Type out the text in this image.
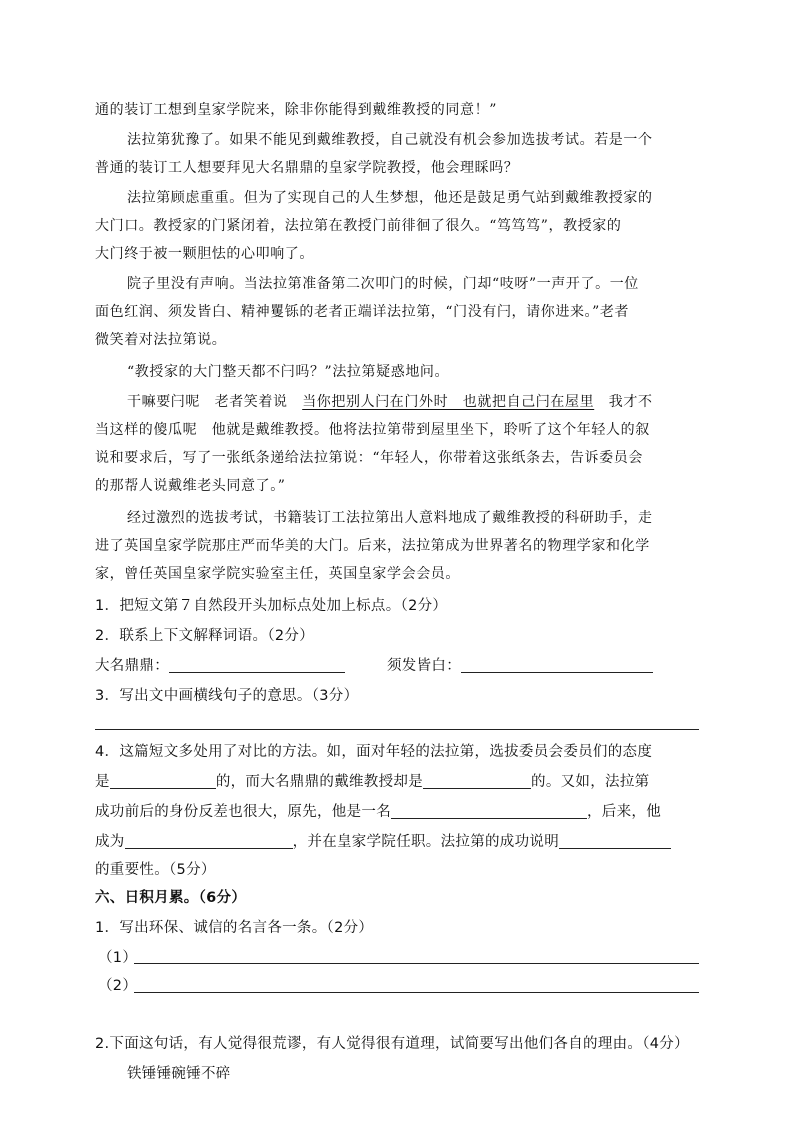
通的装订工想到皇家学院来，除非你能得到戴维教授的同意！”
法拉第犹豫了。如果不能见到戴维教授，自己就没有机会参加选拔考试。若是一个
普通的装订工人想要拜见大名鼎鼎的皇家学院教授，他会理睬吗？
法拉第顾虑重重。但为了实现自己的人生梦想，他还是鼓足勇气站到戴维教授家的
大门口。教授家的门紧闭着，法拉第在教授门前徘徊了很久。“笃笃笃”，教授家的
大门终于被一颗胆怯的心叩响了。
院子里没有声响。当法拉第准备第二次叩门的时候，门却“吱呀”一声开了。一位
面色红润、须发皆白、精神矍铄的老者正端详法拉第，“门没有闩，请你进来。”老者
微笑着对法拉第说。
“教授家的大门整天都不闩吗？”法拉第疑惑地问。
干嘛要闩呢　老者笑着说　当你把别人闩在门外时　也就把自己闩在屋里　我才不
当这样的傻瓜呢　他就是戴维教授。他将法拉第带到屋里坐下，聆听了这个年轻人的叙
说和要求后，写了一张纸条递给法拉第说：“年轻人，你带着这张纸条去，告诉委员会
的那帮人说戴维老头同意了。”
经过激烈的选拔考试，书籍装订工法拉第出人意料地成了戴维教授的科研助手，走
进了英国皇家学院那庄严而华美的大门。后来，法拉第成为世界著名的物理学家和化学
家，曾任英国皇家学院实验室主任，英国皇家学会会员。
1．把短文第７自然段开头加标点处加上标点。（2分）
2．联系上下文解释词语。（2分）
大名鼎鼎：	须发皆白：
3．写出文中画横线句子的意思。（3分）
4．这篇短文多处用了对比的方法。如，面对年轻的法拉第，选拔委员会委员们的态度
是	的，而大名鼎鼎的戴维教授却是	的。又如，法拉第
成功前后的身份反差也很大，原先，他是一名	，后来，他
成为	，并在皇家学院任职。法拉第的成功说明
的重要性。（5分）
六、日积月累。（6分）
1．写出环保、诚信的名言各一条。（2分）
（1）
（2）
2.下面这句话，有人觉得很荒谬，有人觉得很有道理，试简要写出他们各自的理由。（4分）
铁锤锤碗锤不碎
